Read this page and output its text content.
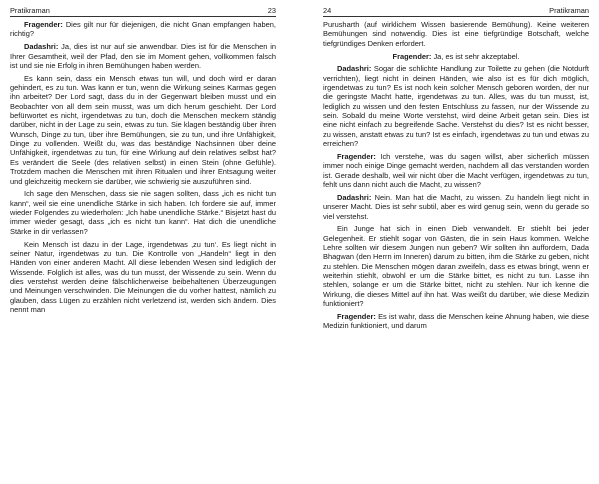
Pratikraman	23

Fragender: Dies gilt nur für diejenigen, die nicht Gnan empfangen haben, richtig?

Dadashri: Ja, dies ist nur auf sie anwendbar. Dies ist für die Menschen in Ihrer Gesamtheit, weil der Pfad, den sie im Moment gehen, vollkommen falsch ist und sie nie Erfolg in ihren Bemühungen haben werden.

Es kann sein, dass ein Mensch etwas tun will, und doch wird er daran gehindert, es zu tun. Was kann er tun, wenn die Wirkung seines Karmas gegen ihn arbeitet? Der Lord sagt, dass du in der Gegenwart bleiben musst und ein Beobachter von all dem sein musst, was um dich herum geschieht. Der Lord befürwortet es nicht, irgendetwas zu tun, doch die Menschen meckern ständig darüber, nicht in der Lage zu sein, etwas zu tun. Sie klagen beständig über ihren Wunsch, Dinge zu tun, über ihre Bemühungen, sie zu tun, und ihre Unfähigkeit, Dinge zu vollenden. Weißt du, was das beständige Nachsinnen über deine Unfähigkeit, irgendetwas zu tun, für eine Wirkung auf dein relatives selbst hat? Es verändert die Seele (des relativen selbst) in einen Stein (ohne Gefühle). Trotzdem machen die Menschen mit ihren Ritualen und ihrer Entsagung weiter und gleichzeitig meckern sie darüber, wie schwierig sie auszuführen sind.

Ich sage den Menschen, dass sie nie sagen sollten, dass „ich es nicht tun kann“, weil sie eine unendliche Stärke in sich haben. Ich fordere sie auf, immer wieder Folgendes zu wiederholen: „Ich habe unendliche Stärke.“ Bisjetzt hast du immer wieder gesagt, dass „ich es nicht tun kann“. Hat dich die unendliche Stärke in dir verlassen?

Kein Mensch ist dazu in der Lage, irgendetwas ‚zu tun‘. Es liegt nicht in seiner Natur, irgendetwas zu tun. Die Kontrolle von „Handeln“ liegt in den Händen von einer anderen Macht. All diese lebenden Wesen sind lediglich der Wissende. Folglich ist alles, was du tun musst, der Wissende zu sein. Wenn du dies verstehst werden deine fälschlicherweise beibehaltenen Überzeugungen und Meinungen verschwinden. Die Meinungen die du vorher hattest, nämlich zu glauben, dass Lügen zu erzählen nicht verletzend ist, werden sich ändern. Dies nennt man

24	Pratikraman

Purusharth (auf wirklichem Wissen basierende Bemühung). Keine weiteren Bemühungen sind notwendig. Dies ist eine tiefgründige Botschaft, welche tiefgründiges Denken erfordert.

Fragender: Ja, es ist sehr akzeptabel.

Dadashri: Sogar die schlichte Handlung zur Toilette zu gehen (die Notdurft verrichten), liegt nicht in deinen Händen, wie also ist es für dich möglich, irgendetwas zu tun? Es ist noch kein solcher Mensch geboren worden, der nur die geringste Macht hatte, irgendetwas zu tun. Alles, was du tun musst, ist, lediglich zu wissen und den festen Entschluss zu fassen, nur der Wissende zu sein. Sobald du meine Worte verstehst, wird deine Arbeit getan sein. Dies ist eine nicht einfach zu begreifende Sache. Verstehst du dies? Ist es nicht besser, zu wissen, anstatt etwas zu tun? Ist es einfach, irgendetwas zu tun und etwas zu erreichen?

Fragender: Ich verstehe, was du sagen willst, aber sicherlich müssen immer noch einige Dinge gemacht werden, nachdem all das verstanden worden ist. Gerade deshalb, weil wir nicht über die Macht verfügen, irgendetwas zu tun, fehlt uns dann nicht auch die Macht, zu wissen?

Dadashri: Nein. Man hat die Macht, zu wissen. Zu handeln liegt nicht in unserer Macht. Dies ist sehr subtil, aber es wird genug sein, wenn du gerade so viel verstehst.

Ein Junge hat sich in einen Dieb verwandelt. Er stiehlt bei jeder Gelegenheit. Er stiehlt sogar von Gästen, die in sein Haus kommen. Welche Lehre sollten wir diesem Jungen nun geben? Wir sollten ihn auffordern, Dada Bhagwan (den Herrn im Inneren) darum zu bitten, ihm die Stärke zu geben, nicht zu stehlen. Die Menschen mögen daran zweifeln, dass es etwas bringt, wenn er weiterhin stiehlt, obwohl er um die Stärke bittet, es nicht zu tun. Lasse ihn stehlen, solange er um die Stärke bittet, nicht zu stehlen. Nur ich kenne die Wirkung, die dieses Mittel auf ihn hat. Was weißt du darüber, wie diese Medizin funktioniert?

Fragender: Es ist wahr, dass die Menschen keine Ahnung haben, wie diese Medizin funktioniert, und darum
